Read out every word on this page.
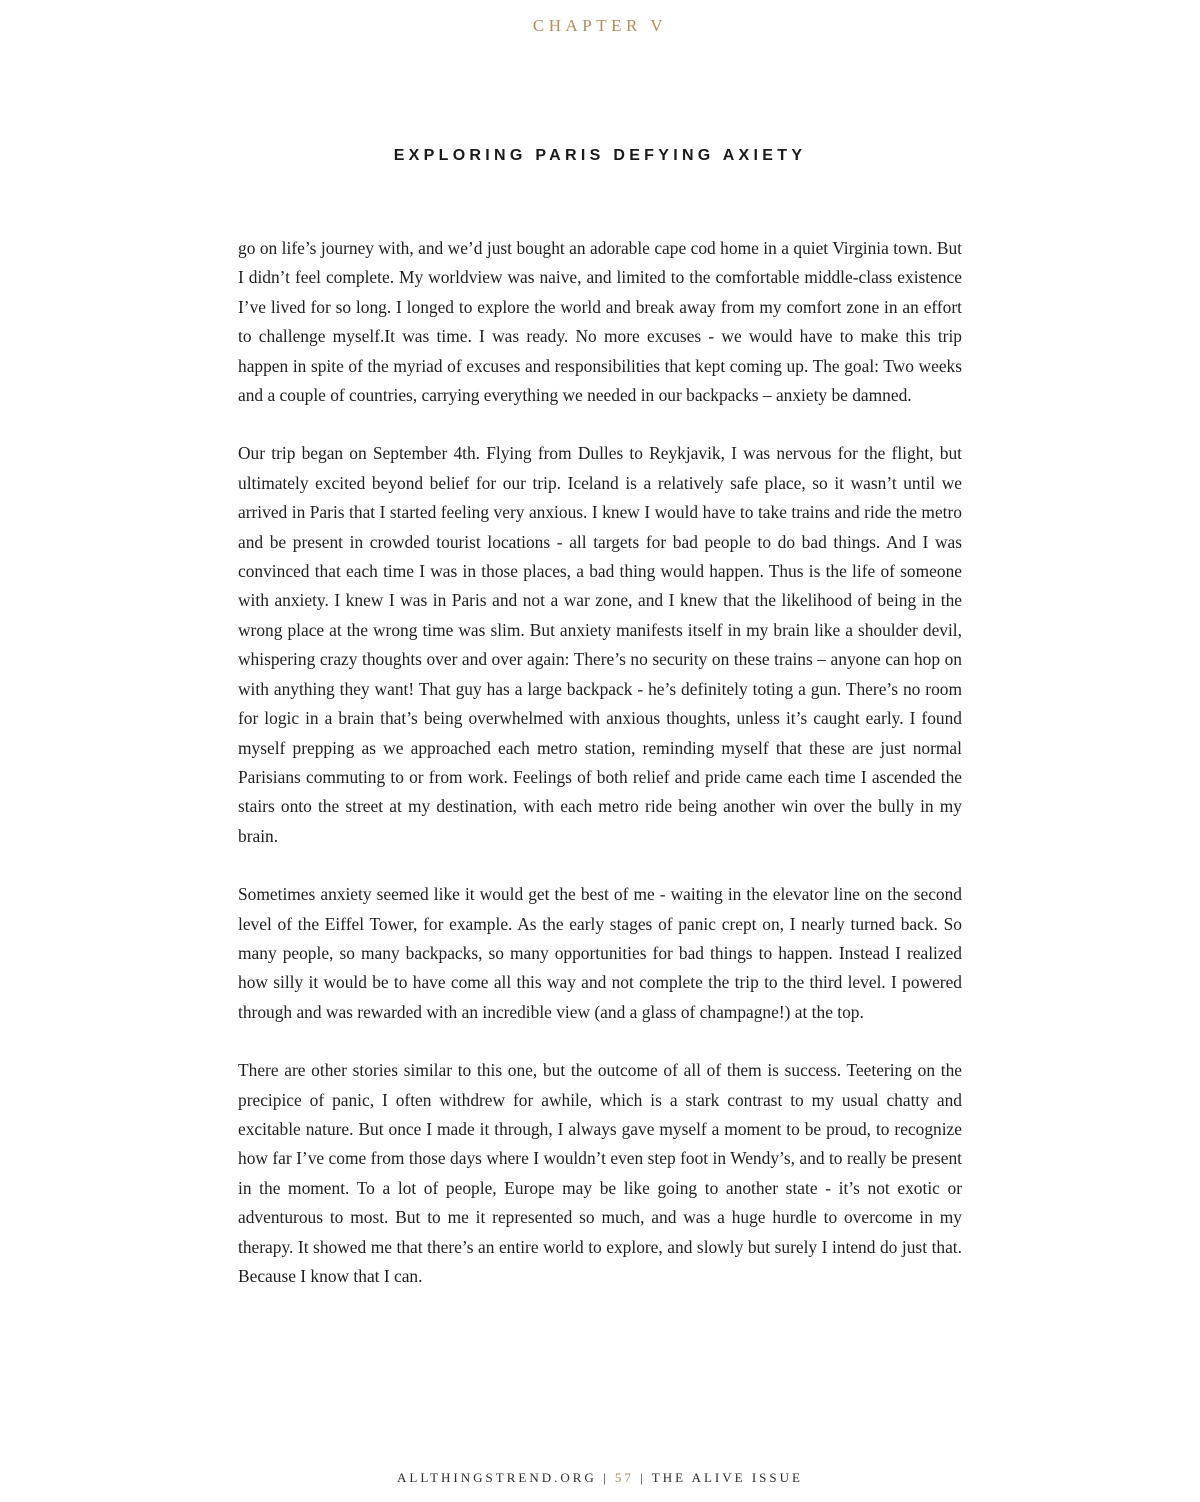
CHAPTER V
EXPLORING PARIS DEFYING AXIETY

go on life’s journey with, and we’d just bought an adorable cape cod home in a quiet Virginia town. But I didn’t feel complete. My worldview was naive, and limited to the comfortable middle-class existence I’ve lived for so long. I longed to explore the world and break away from my comfort zone in an effort to challenge myself.It was time. I was ready. No more excuses - we would have to make this trip happen in spite of the myriad of excuses and responsibilities that kept coming up. The goal: Two weeks and a couple of countries, carrying everything we needed in our backpacks – anxiety be damned.

Our trip began on September 4th. Flying from Dulles to Reykjavik, I was nervous for the flight, but ultimately excited beyond belief for our trip. Iceland is a relatively safe place, so it wasn’t until we arrived in Paris that I started feeling very anxious. I knew I would have to take trains and ride the metro and be present in crowded tourist locations - all targets for bad people to do bad things. And I was convinced that each time I was in those places, a bad thing would happen. Thus is the life of someone with anxiety. I knew I was in Paris and not a war zone, and I knew that the likelihood of being in the wrong place at the wrong time was slim. But anxiety manifests itself in my brain like a shoulder devil, whispering crazy thoughts over and over again: There’s no security on these trains – anyone can hop on with anything they want! That guy has a large backpack - he’s definitely toting a gun. There’s no room for logic in a brain that’s being overwhelmed with anxious thoughts, unless it’s caught early. I found myself prepping as we approached each metro station, reminding myself that these are just normal Parisians commuting to or from work. Feelings of both relief and pride came each time I ascended the stairs onto the street at my destination, with each metro ride being another win over the bully in my brain.

Sometimes anxiety seemed like it would get the best of me - waiting in the elevator line on the second level of the Eiffel Tower, for example. As the early stages of panic crept on, I nearly turned back. So many people, so many backpacks, so many opportunities for bad things to happen. Instead I realized how silly it would be to have come all this way and not complete the trip to the third level. I powered through and was rewarded with an incredible view (and a glass of champagne!) at the top.

There are other stories similar to this one, but the outcome of all of them is success. Teetering on the precipice of panic, I often withdrew for awhile, which is a stark contrast to my usual chatty and excitable nature. But once I made it through, I always gave myself a moment to be proud, to recognize how far I’ve come from those days where I wouldn’t even step foot in Wendy’s, and to really be present in the moment. To a lot of people, Europe may be like going to another state - it’s not exotic or adventurous to most. But to me it represented so much, and was a huge hurdle to overcome in my therapy. It showed me that there’s an entire world to explore, and slowly but surely I intend do just that. Because I know that I can.

ALLTHINGSTREND.ORG | 57 | THE ALIVE ISSUE
